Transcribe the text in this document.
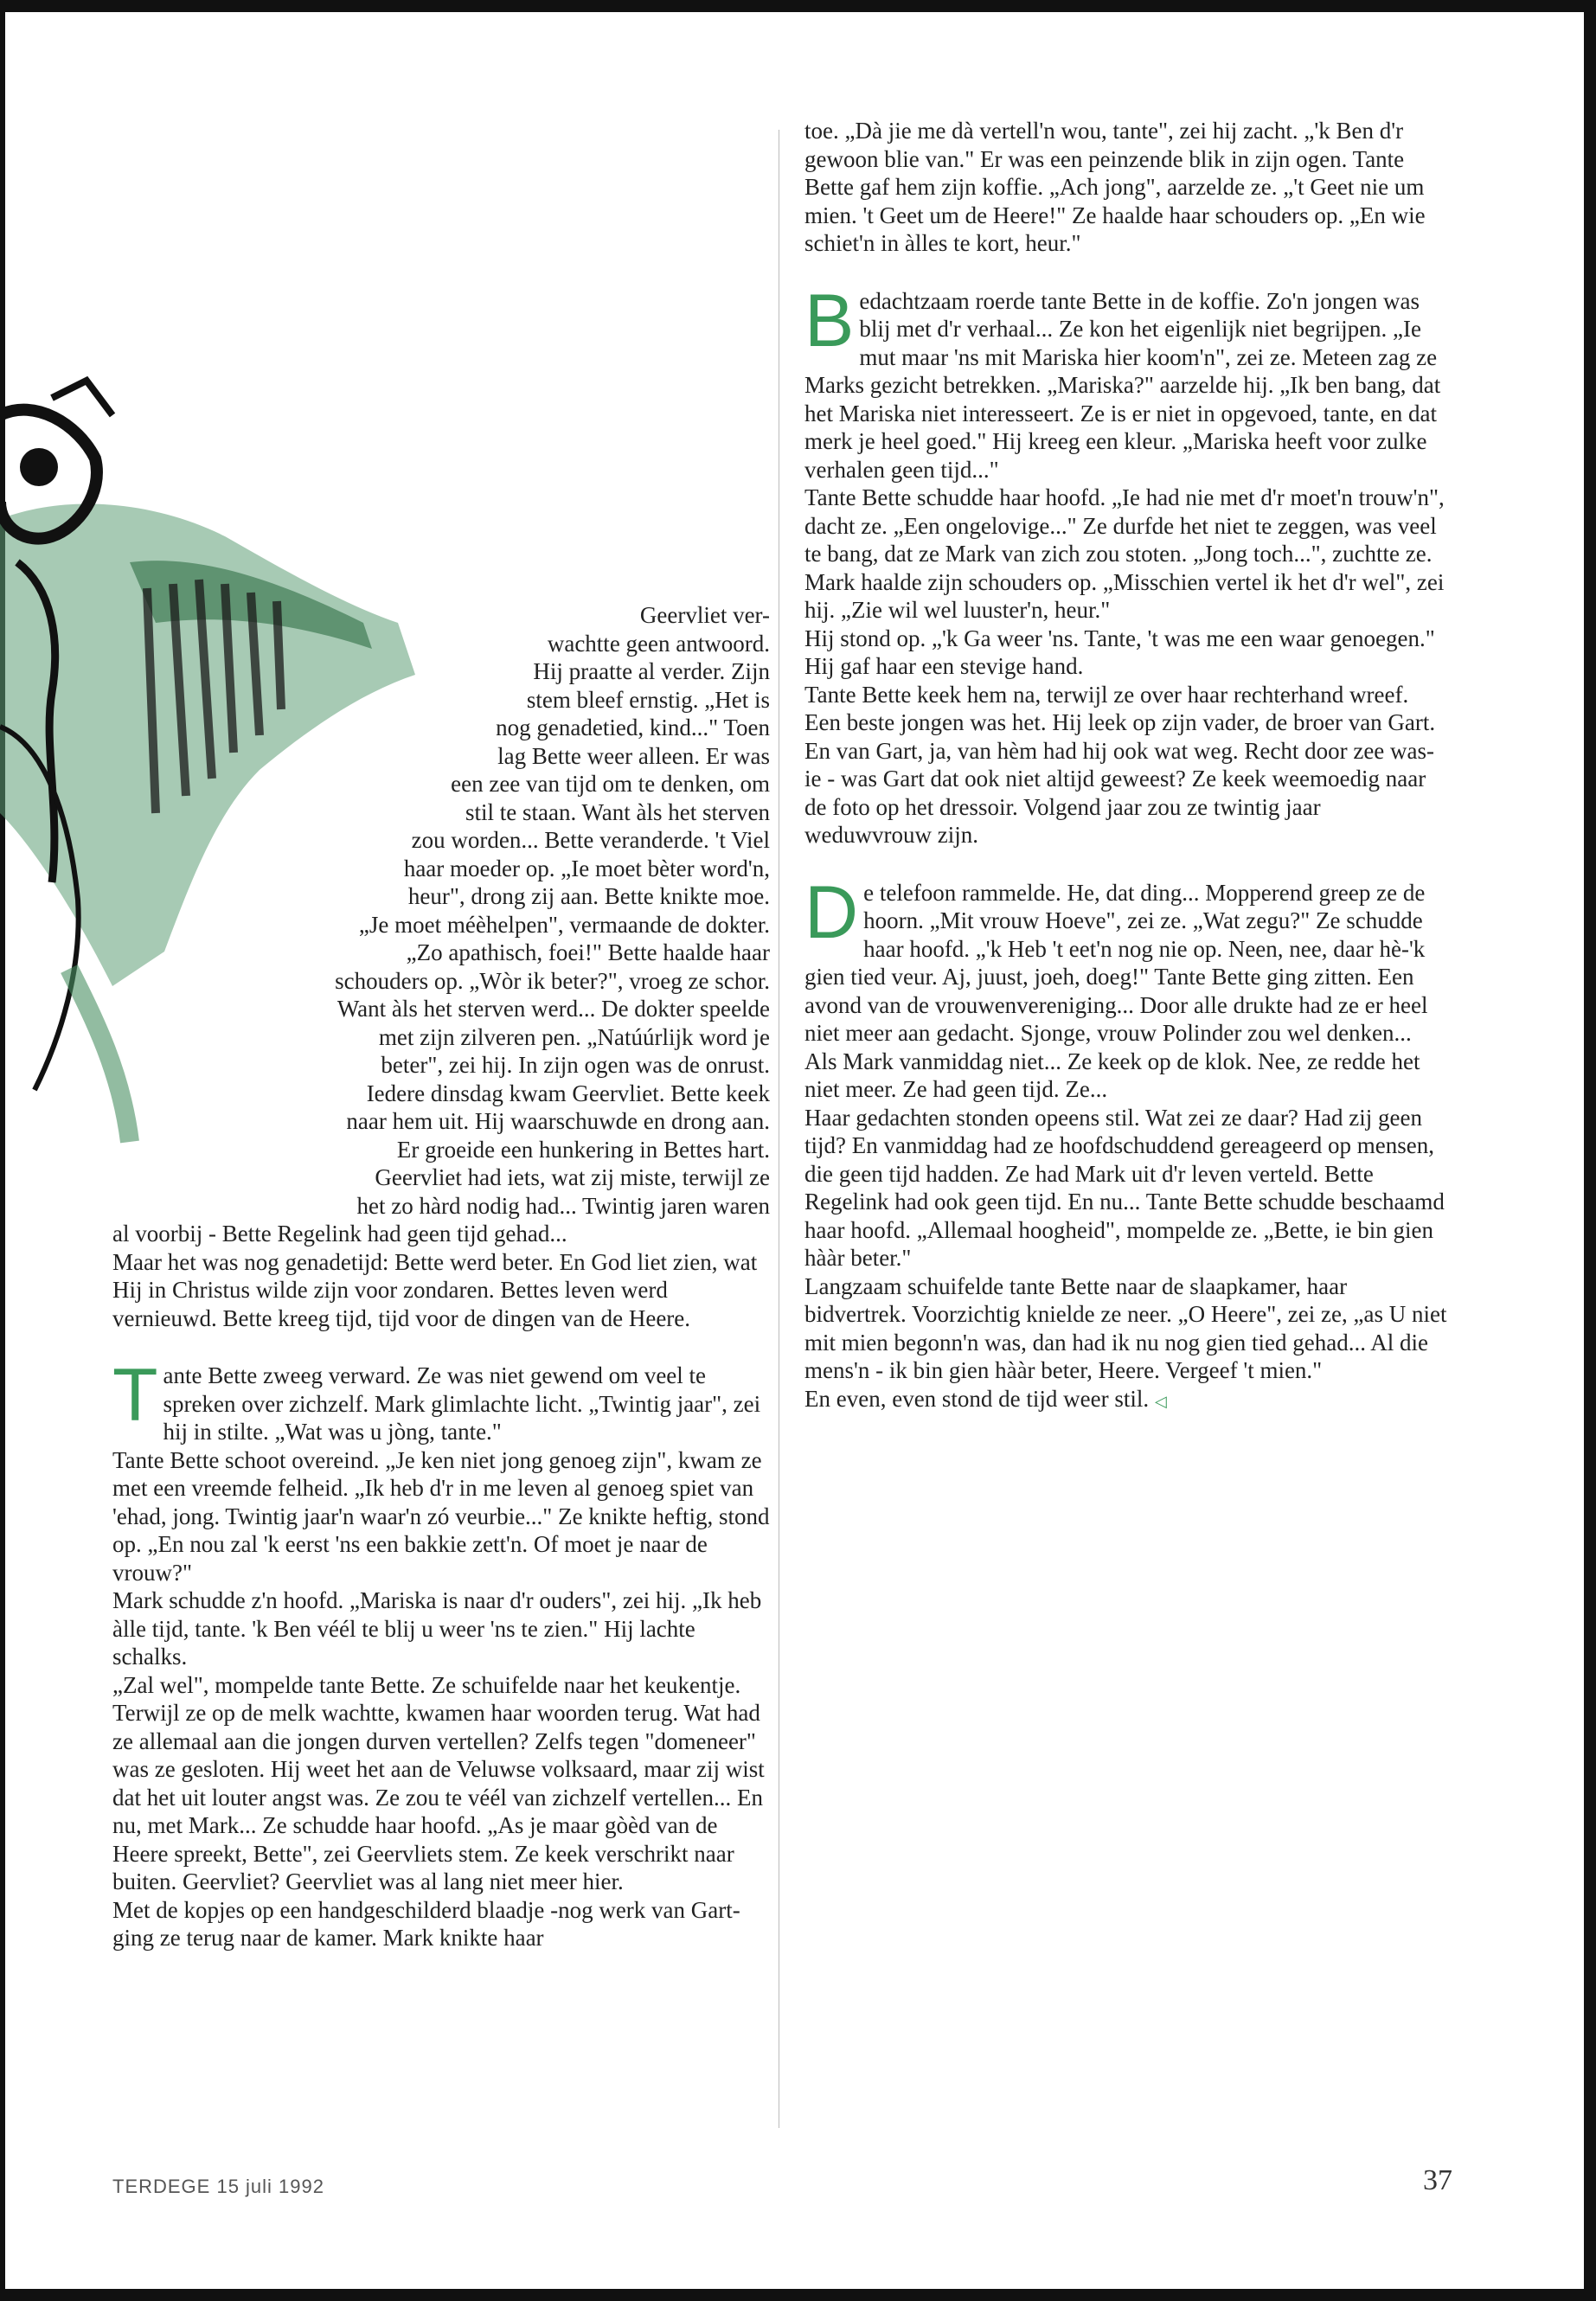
toe. „Dà jie me dà vertell'n wou, tante", zei hij zacht. „'k Ben d'r gewoon blie van." Er was een peinzende blik in zijn ogen. Tante Bette gaf hem zijn koffie. „Ach jong", aarzelde ze. „'t Geet nie um mien. 't Geet um de Heere!" Ze haalde haar schouders op. „En wie schiet'n in àlles te kort, heur."

Bedachtzaam roerde tante Bette in de koffie. Zo'n jongen was blij met d'r verhaal... Ze kon het eigenlijk niet begrijpen. „Ie mut maar 'ns mit Mariska hier koom'n", zei ze. Meteen zag ze Marks gezicht betrekken. „Mariska?" aarzelde hij. „Ik ben bang, dat het Mariska niet interesseert. Ze is er niet in opgevoed, tante, en dat merk je heel goed." Hij kreeg een kleur. „Mariska heeft voor zulke verhalen geen tijd..."

Tante Bette schudde haar hoofd. „Ie had nie met d'r moet'n trouw'n", dacht ze. „Een ongelovige..." Ze durfde het niet te zeggen, was veel te bang, dat ze Mark van zich zou stoten. „Jong toch...", zuchtte ze. Mark haalde zijn schouders op. „Misschien vertel ik het d'r wel", zei hij. „Zie wil wel luuster'n, heur."

Hij stond op. „'k Ga weer 'ns. Tante, 't was me een waar genoegen." Hij gaf haar een stevige hand.

Tante Bette keek hem na, terwijl ze over haar rechterhand wreef. Een beste jongen was het. Hij leek op zijn vader, de broer van Gart. En van Gart, ja, van hèm had hij ook wat weg. Recht door zee was-ie - was Gart dat ook niet altijd geweest? Ze keek weemoedig naar de foto op het dressoir. Volgend jaar zou ze twintig jaar weduwvrouw zijn.

De telefoon rammelde. He, dat ding... Mopperend greep ze de hoorn. „Mit vrouw Hoeve", zei ze. „Wat zegu?" Ze schudde haar hoofd. „'k Heb 't eet'n nog nie op. Neen, nee, daar hè-'k gien tied veur. Aj, juust, joeh, doeg!" Tante Bette ging zitten. Een avond van de vrouwenvereniging... Door alle drukte had ze er heel niet meer aan gedacht. Sjonge, vrouw Polinder zou wel denken...

Als Mark vanmiddag niet... Ze keek op de klok. Nee, ze redde het niet meer. Ze had geen tijd. Ze...

Haar gedachten stonden opeens stil. Wat zei ze daar? Had zij geen tijd? En vanmiddag had ze hoofdschuddend gereageerd op mensen, die geen tijd hadden. Ze had Mark uit d'r leven verteld. Bette Regelink had ook geen tijd. En nu... Tante Bette schudde beschaamd haar hoofd. „Allemaal hoogheid", mompelde ze. „Bette, ie bin gien hààr beter."

Langzaam schuifelde tante Bette naar de slaapkamer, haar bidvertrek. Voorzichtig knielde ze neer. „O Heere", zei ze, „as U niet mit mien begonn'n was, dan had ik nu nog gien tied gehad... Al die mens'n - ik bin gien hààr beter, Heere. Vergeef 't mien."

En even, even stond de tijd weer stil. ◁

Geervliet ver-
wachtte geen antwoord.
Hij praatte al verder. Zijn
stem bleef ernstig. „Het is
nog genadetied, kind..." Toen
lag Bette weer alleen. Er was
een zee van tijd om te denken, om
stil te staan. Want àls het sterven
zou worden... Bette veranderde. 't Viel
haar moeder op. „Ie moet bèter word'n,
heur", drong zij aan. Bette knikte moe.
„Je moet méèhelpen", vermaande de dokter.
„Zo apathisch, foei!" Bette haalde haar
schouders op. „Wòr ik beter?", vroeg ze schor.
Want àls het sterven werd... De dokter speelde
met zijn zilveren pen. „Natúúrlijk word je
beter", zei hij. In zijn ogen was de onrust.
Iedere dinsdag kwam Geervliet. Bette keek
naar hem uit. Hij waarschuwde en drong aan.
Er groeide een hunkering in Bettes hart.
Geervliet had iets, wat zij miste, terwijl ze
het zo hàrd nodig had... Twintig jaren waren

al voorbij - Bette Regelink had geen tijd gehad...

Maar het was nog genadetijd: Bette werd beter. En God liet zien, wat Hij in Christus wilde zijn voor zondaren. Bettes leven werd vernieuwd. Bette kreeg tijd, tijd voor de dingen van de Heere.

Tante Bette zweeg verward. Ze was niet gewend om veel te spreken over zichzelf. Mark glimlachte licht. „Twintig jaar", zei hij in stilte. „Wat was u jòng, tante."

Tante Bette schoot overeind. „Je ken niet jong genoeg zijn", kwam ze met een vreemde felheid. „Ik heb d'r in me leven al genoeg spiet van 'ehad, jong. Twintig jaar'n waar'n zó veurbie..." Ze knikte heftig, stond op. „En nou zal 'k eerst 'ns een bakkie zett'n. Of moet je naar de vrouw?"

Mark schudde z'n hoofd. „Mariska is naar d'r ouders", zei hij. „Ik heb àlle tijd, tante. 'k Ben véél te blij u weer 'ns te zien." Hij lachte schalks.

„Zal wel", mompelde tante Bette. Ze schuifelde naar het keukentje.

Terwijl ze op de melk wachtte, kwamen haar woorden terug. Wat had ze allemaal aan die jongen durven vertellen? Zelfs tegen "domeneer" was ze gesloten. Hij weet het aan de Veluwse volksaard, maar zij wist dat het uit louter angst was. Ze zou te véél van zichzelf vertellen... En nu, met Mark... Ze schudde haar hoofd. „As je maar gòèd van de Heere spreekt, Bette", zei Geervliets stem. Ze keek verschrikt naar buiten. Geervliet? Geervliet was al lang niet meer hier.

Met de kopjes op een handgeschilderd blaadje -nog werk van Gart- ging ze terug naar de kamer. Mark knikte haar

TERDEGE 15 juli 1992	37
